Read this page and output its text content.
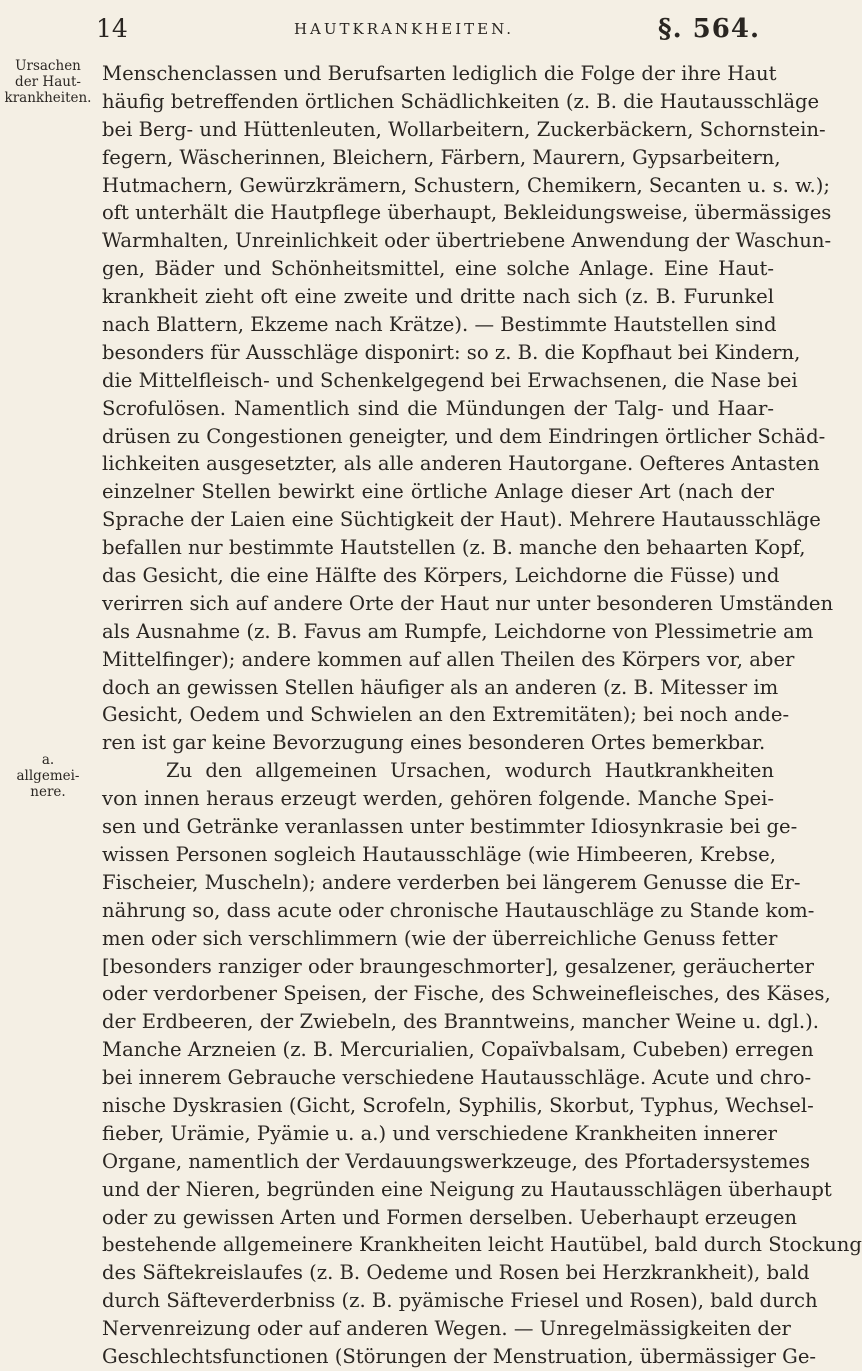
14	HAUTKRANKHEITEN.	§. 564.
Ursachen der Haut-
krankheiten.
a.
allgemei-
nere.
Menschenclassen und Berufsarten lediglich die Folge der ihre Haut
häufig betreffenden örtlichen Schädlichkeiten (z. B. die Hautausschläge
bei Berg- und Hüttenleuten, Wollarbeitern, Zuckerbäckern, Schornstein-
fegern, Wäscherinnen, Bleichern, Färbern, Maurern, Gypsarbeitern,
Hutmachern, Gewürzkrämern, Schustern, Chemikern, Secanten u. s. w.);
oft unterhält die Hautpflege überhaupt, Bekleidungsweise, übermässiges
Warmhalten, Unreinlichkeit oder übertriebene Anwendung der Waschun-
gen, Bäder und Schönheitsmittel, eine solche Anlage. Eine Haut-
krankheit zieht oft eine zweite und dritte nach sich (z. B. Furunkel
nach Blattern, Ekzeme nach Krätze). — Bestimmte Hautstellen sind
besonders für Ausschläge disponirt: so z. B. die Kopfhaut bei Kindern,
die Mittelfleisch- und Schenkelgegend bei Erwachsenen, die Nase bei
Scrofulösen. Namentlich sind die Mündungen der Talg- und Haar-
drüsen zu Congestionen geneigter, und dem Eindringen örtlicher Schäd-
lichkeiten ausgesetzter, als alle anderen Hautorgane. Oefteres Antasten
einzelner Stellen bewirkt eine örtliche Anlage dieser Art (nach der
Sprache der Laien eine Süchtigkeit der Haut). Mehrere Hautausschläge
befallen nur bestimmte Hautstellen (z. B. manche den behaarten Kopf,
das Gesicht, die eine Hälfte des Körpers, Leichdorne die Füsse) und
verirren sich auf andere Orte der Haut nur unter besonderen Umständen
als Ausnahme (z. B. Favus am Rumpfe, Leichdorne von Plessimetrie am
Mittelfinger); andere kommen auf allen Theilen des Körpers vor, aber
doch an gewissen Stellen häufiger als an anderen (z. B. Mitesser im
Gesicht, Oedem und Schwielen an den Extremitäten); bei noch ande-
ren ist gar keine Bevorzugung eines besonderen Ortes bemerkbar.
Zu den allgemeinen Ursachen, wodurch Hautkrankheiten
von innen heraus erzeugt werden, gehören folgende. Manche Spei-
sen und Getränke veranlassen unter bestimmter Idiosynkrasie bei ge-
wissen Personen sogleich Hautausschläge (wie Himbeeren, Krebse,
Fischeier, Muscheln); andere verderben bei längerem Genusse die Er-
nährung so, dass acute oder chronische Hautauschläge zu Stande kom-
men oder sich verschlimmern (wie der überreichliche Genuss fetter
[besonders ranziger oder braungeschmorter], gesalzener, geräucherter
oder verdorbener Speisen, der Fische, des Schweinefleisches, des Käses,
der Erdbeeren, der Zwiebeln, des Branntweins, mancher Weine u. dgl.).
Manche Arzneien (z. B. Mercurialien, Copaïvbalsam, Cubeben) erregen
bei innerem Gebrauche verschiedene Hautausschläge. Acute und chro-
nische Dyskrasien (Gicht, Scrofeln, Syphilis, Skorbut, Typhus, Wechsel-
fieber, Urämie, Pyämie u. a.) und verschiedene Krankheiten innerer
Organe, namentlich der Verdauungswerkzeuge, des Pfortadersystemes
und der Nieren, begründen eine Neigung zu Hautausschlägen überhaupt
oder zu gewissen Arten und Formen derselben. Ueberhaupt erzeugen
bestehende allgemeinere Krankheiten leicht Hautübel, bald durch Stockung
des Säftekreislaufes (z. B. Oedeme und Rosen bei Herzkrankheit), bald
durch Säfteverderbniss (z. B. pyämische Friesel und Rosen), bald durch
Nervenreizung oder auf anderen Wegen. — Unregelmässigkeiten der
Geschlechtsfunctionen (Störungen der Menstruation, übermässiger Ge-
